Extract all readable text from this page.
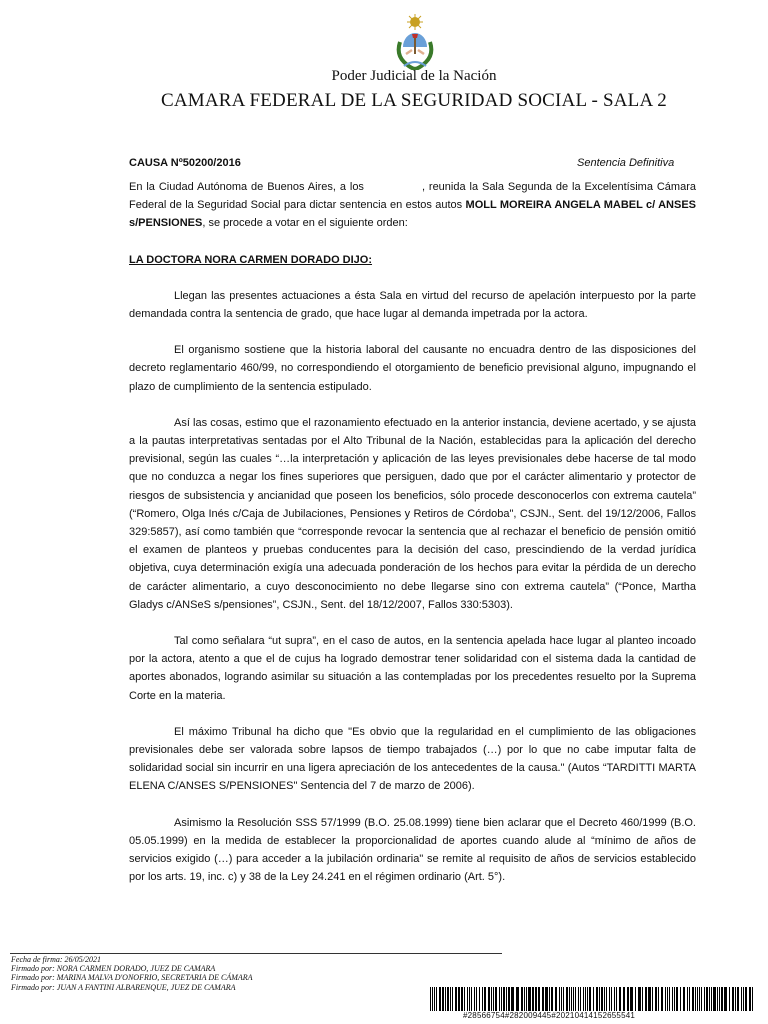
Poder Judicial de la Nación
CAMARA FEDERAL DE LA SEGURIDAD SOCIAL - SALA 2
CAUSA Nº50200/2016	Sentencia Definitiva

En la Ciudad Autónoma de Buenos Aires, a los	, reunida la Sala Segunda de la Excelentísima Cámara Federal de la Seguridad Social para dictar sentencia en estos autos MOLL MOREIRA ANGELA MABEL c/ ANSES s/PENSIONES, se procede a votar en el siguiente orden:

LA DOCTORA NORA CARMEN DORADO DIJO:

Llegan las presentes actuaciones a ésta Sala en virtud del recurso de apelación interpuesto por la parte demandada contra la sentencia de grado, que hace lugar al demanda impetrada por la actora.

El organismo sostiene que la historia laboral del causante no encuadra dentro de las disposiciones del decreto reglamentario 460/99, no correspondiendo el otorgamiento de beneficio previsional alguno, impugnando el plazo de cumplimiento de la sentencia estipulado.

Así las cosas, estimo que el razonamiento efectuado en la anterior instancia, deviene acertado, y se ajusta a la pautas interpretativas sentadas por el Alto Tribunal de la Nación, establecidas para la aplicación del derecho previsional, según las cuales “…la interpretación y aplicación de las leyes previsionales debe hacerse de tal modo que no conduzca a negar los fines superiores que persiguen, dado que por el carácter alimentario y protector de riesgos de subsistencia y ancianidad que poseen los beneficios, sólo procede desconocerlos con extrema cautela” (“Romero, Olga Inés c/Caja de Jubilaciones, Pensiones y Retiros de Córdoba", CSJN., Sent. del 19/12/2006, Fallos 329:5857), así como también que “corresponde revocar la sentencia que al rechazar el beneficio de pensión omitió el examen de planteos y pruebas conducentes para la decisión del caso, prescindiendo de la verdad jurídica objetiva, cuya determinación exigía una adecuada ponderación de los hechos para evitar la pérdida de un derecho de carácter alimentario, a cuyo desconocimiento no debe llegarse sino con extrema cautela” (“Ponce, Martha Gladys c/ANSeS s/pensiones”, CSJN., Sent. del 18/12/2007, Fallos 330:5303).

Tal como señalara “ut supra”, en el caso de autos, en la sentencia apelada hace lugar al planteo incoado por la actora, atento a que el de cujus ha logrado demostrar tener solidaridad con el sistema dada la cantidad de aportes abonados, logrando asimilar su situación a las contempladas por los precedentes resuelto por la Suprema Corte en la materia.

El máximo Tribunal ha dicho que "Es obvio que la regularidad en el cumplimiento de las obligaciones previsionales debe ser valorada sobre lapsos de tiempo trabajados (…) por lo que no cabe imputar falta de solidaridad social sin incurrir en una ligera apreciación de los antecedentes de la causa." (Autos “TARDITTI MARTA ELENA C/ANSES S/PENSIONES" Sentencia del 7 de marzo de 2006).

Asimismo la Resolución SSS 57/1999 (B.O. 25.08.1999) tiene bien aclarar que el Decreto 460/1999 (B.O. 05.05.1999) en la medida de establecer la proporcionalidad de aportes cuando alude al “mínimo de años de servicios exigido (…) para acceder a la jubilación ordinaria" se remite al requisito de años de servicios establecido por los arts. 19, inc. c) y 38 de la Ley 24.241 en el régimen ordinario (Art. 5°).

Fecha de firma: 26/05/2021
Firmado por: NORA CARMEN DORADO, JUEZ DE CAMARA
Firmado por: MARINA MALVA D'ONOFRIO, SECRETARIA DE CÁMARA
Firmado por: JUAN A FANTINI ALBARENQUE, JUEZ DE CAMARA
#28566754#282009445#20210414152655541
